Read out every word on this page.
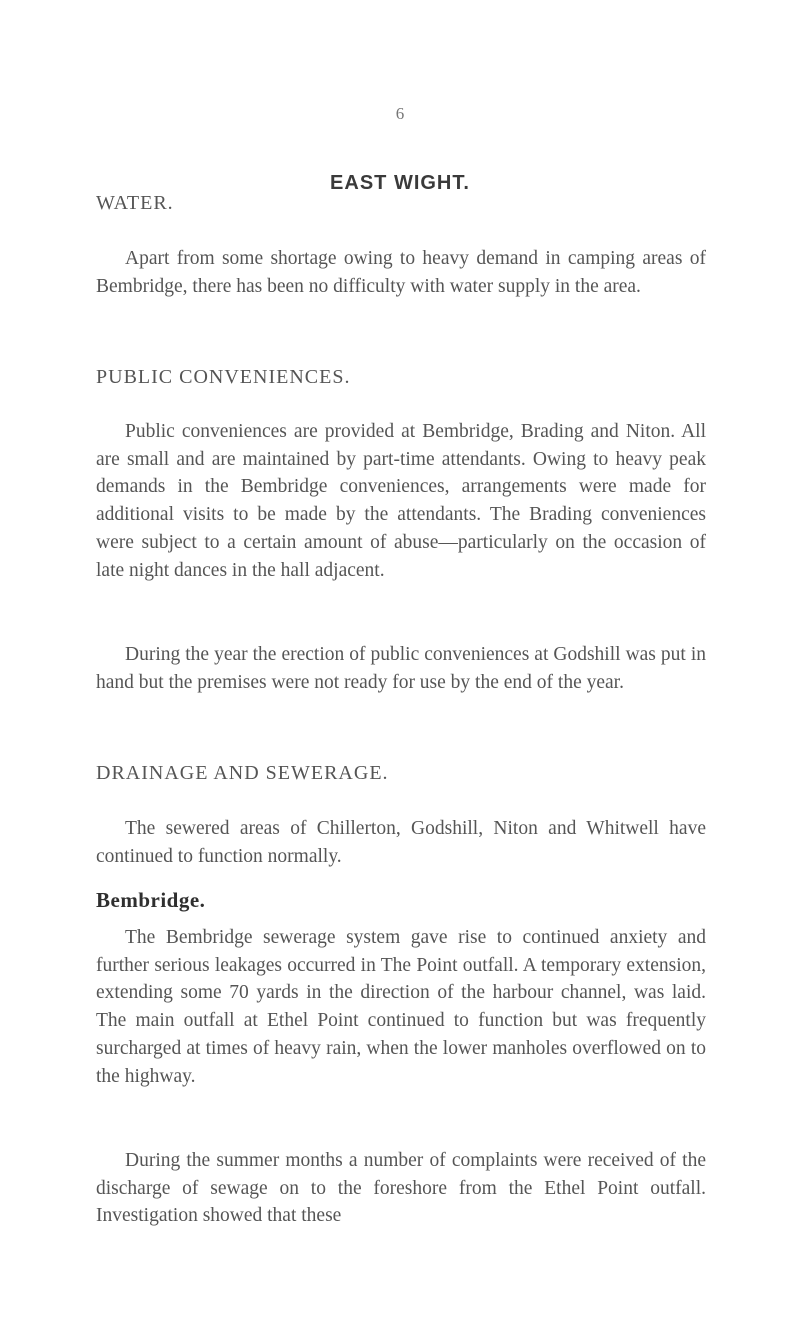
6
EAST WIGHT.
WATER.

Apart from some shortage owing to heavy demand in camping areas of Bembridge, there has been no difficulty with water supply in the area.

PUBLIC CONVENIENCES.

Public conveniences are provided at Bembridge, Brading and Niton. All are small and are maintained by part-time attendants. Owing to heavy peak demands in the Bembridge conveniences, arrangements were made for additional visits to be made by the attendants. The Brading conveniences were subject to a certain amount of abuse—particularly on the occasion of late night dances in the hall adjacent.

During the year the erection of public conveniences at Godshill was put in hand but the premises were not ready for use by the end of the year.

DRAINAGE AND SEWERAGE.

The sewered areas of Chillerton, Godshill, Niton and Whitwell have continued to function normally.

Bembridge.

The Bembridge sewerage system gave rise to continued anxiety and further serious leakages occurred in The Point outfall. A temporary extension, extending some 70 yards in the direction of the harbour channel, was laid. The main outfall at Ethel Point continued to function but was frequently surcharged at times of heavy rain, when the lower manholes overflowed on to the highway.

During the summer months a number of complaints were received of the discharge of sewage on to the foreshore from the Ethel Point outfall. Investigation showed that these
